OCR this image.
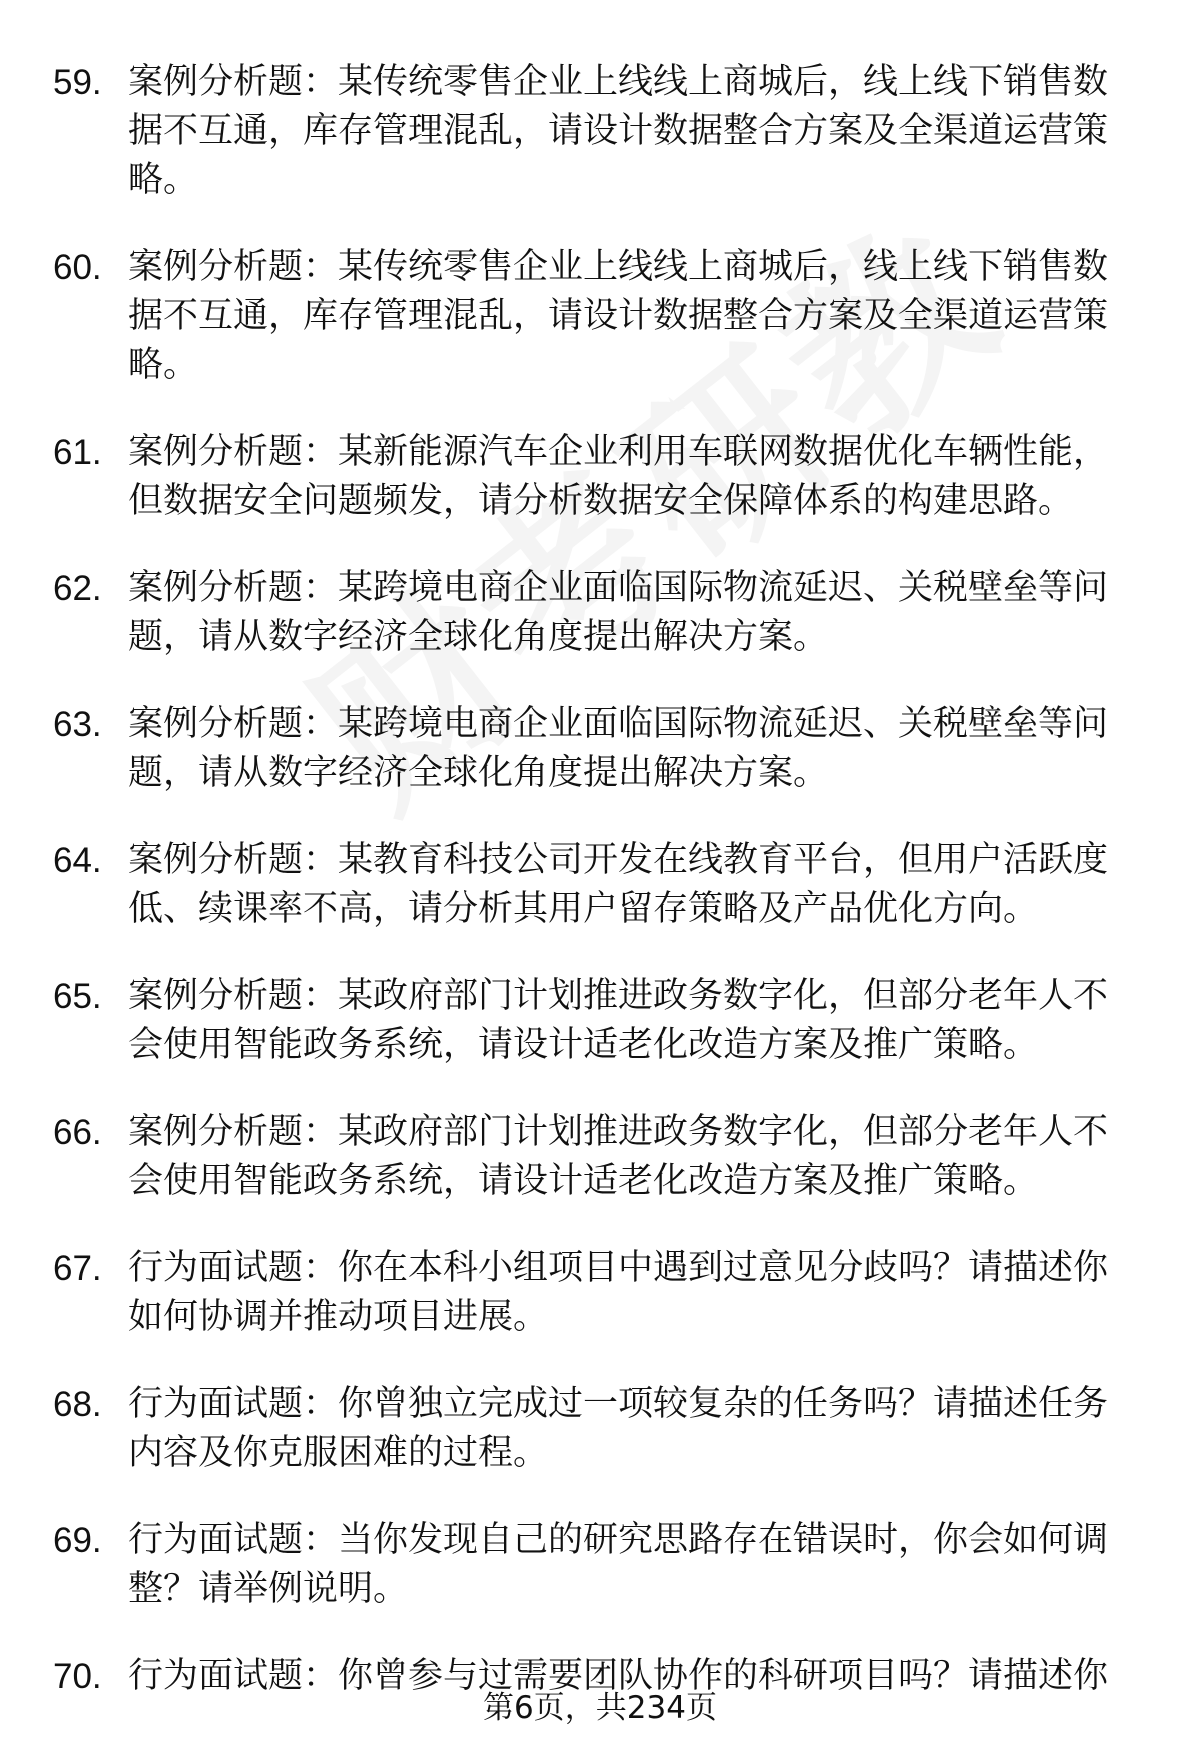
59. 案例分析题：某传统零售企业上线线上商城后，线上线下销售数据不互通，库存管理混乱，请设计数据整合方案及全渠道运营策略。
60. 案例分析题：某传统零售企业上线线上商城后，线上线下销售数据不互通，库存管理混乱，请设计数据整合方案及全渠道运营策略。
61. 案例分析题：某新能源汽车企业利用车联网数据优化车辆性能，但数据安全问题频发，请分析数据安全保障体系的构建思路。
62. 案例分析题：某跨境电商企业面临国际物流延迟、关税壁垒等问题，请从数字经济全球化角度提出解决方案。
63. 案例分析题：某跨境电商企业面临国际物流延迟、关税壁垒等问题，请从数字经济全球化角度提出解决方案。
64. 案例分析题：某教育科技公司开发在线教育平台，但用户活跃度低、续课率不高，请分析其用户留存策略及产品优化方向。
65. 案例分析题：某政府部门计划推进政务数字化，但部分老年人不会使用智能政务系统，请设计适老化改造方案及推广策略。
66. 案例分析题：某政府部门计划推进政务数字化，但部分老年人不会使用智能政务系统，请设计适老化改造方案及推广策略。
67. 行为面试题：你在本科小组项目中遇到过意见分歧吗？请描述你如何协调并推动项目进展。
68. 行为面试题：你曾独立完成过一项较复杂的任务吗？请描述任务内容及你克服困难的过程。
69. 行为面试题：当你发现自己的研究思路存在错误时，你会如何调整？请举例说明。
70. 行为面试题：你曾参与过需要团队协作的科研项目吗？请描述你
第6页，共234页
